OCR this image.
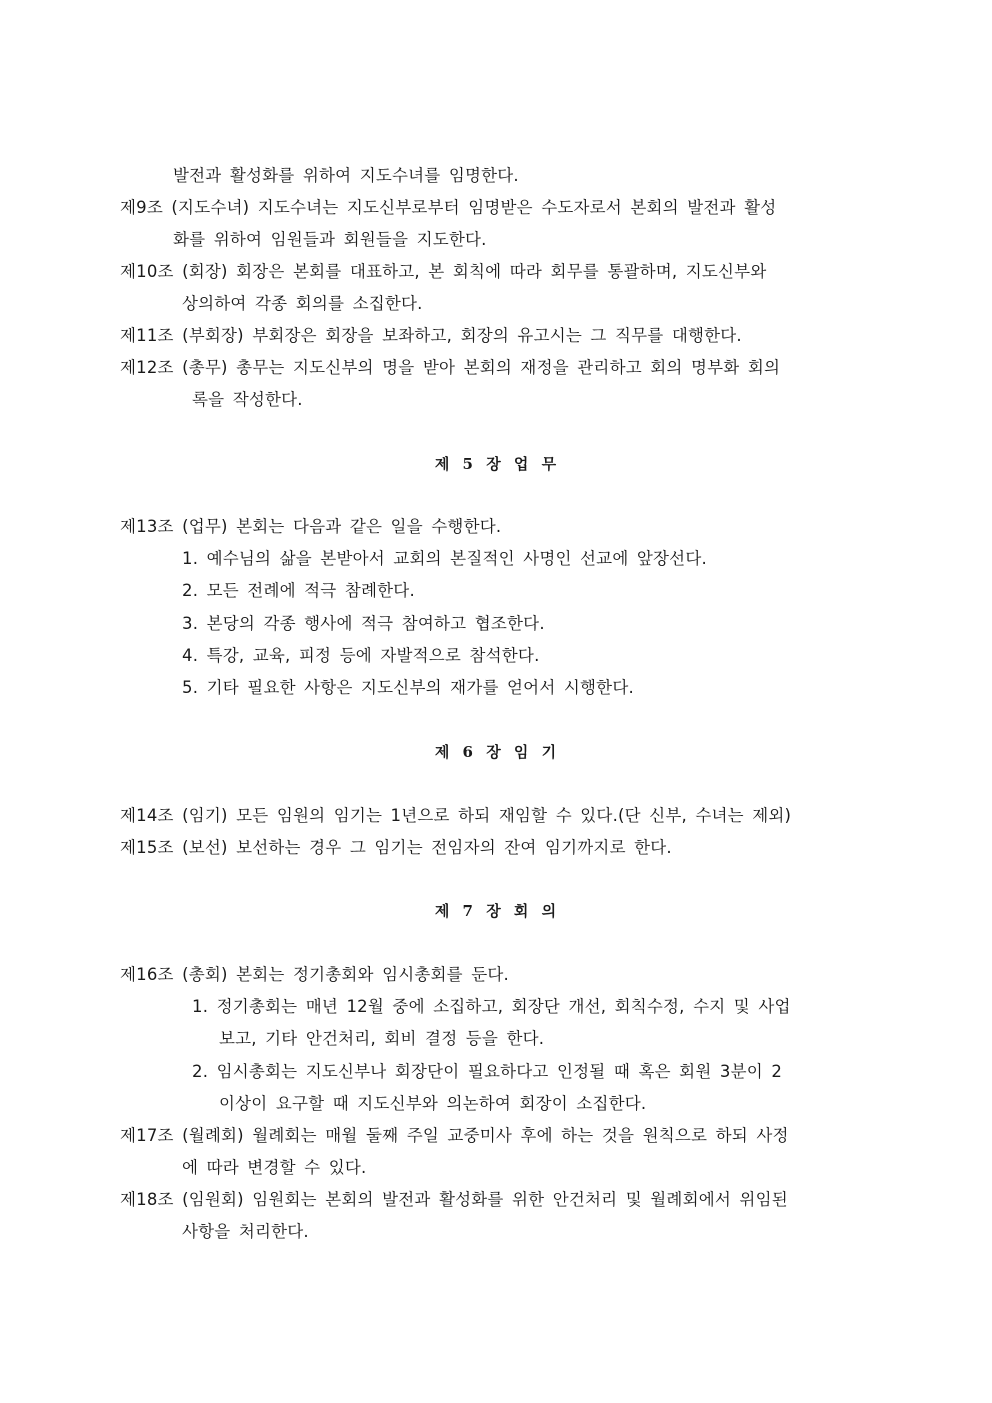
발전과 활성화를 위하여 지도수녀를 임명한다.
제9조 (지도수녀) 지도수녀는 지도신부로부터 임명받은 수도자로서 본회의 발전과 활성
화를 위하여 임원들과 회원들을 지도한다.
제10조 (회장) 회장은 본회를 대표하고, 본 회칙에 따라 회무를 통괄하며, 지도신부와
상의하여 각종 회의를 소집한다.
제11조 (부회장) 부회장은 회장을 보좌하고, 회장의 유고시는 그 직무를 대행한다.
제12조 (총무) 총무는 지도신부의 명을 받아 본회의 재정을 관리하고 회의 명부화 회의
록을 작성한다.
제 5 장 업 무
제13조 (업무) 본회는 다음과 같은 일을 수행한다.
1. 예수님의 삶을 본받아서 교회의 본질적인 사명인 선교에 앞장선다.
2. 모든 전례에 적극 참례한다.
3. 본당의 각종 행사에 적극 참여하고 협조한다.
4. 특강, 교육, 피정 등에 자발적으로 참석한다.
5. 기타 필요한 사항은 지도신부의 재가를 얻어서 시행한다.
제 6 장 임 기
제14조 (임기) 모든 임원의 임기는 1년으로 하되 재임할 수 있다.(단 신부, 수녀는 제외)
제15조 (보선) 보선하는 경우 그 임기는 전임자의 잔여 임기까지로 한다.
제 7 장 회 의
제16조 (총회) 본회는 정기총회와 임시총회를 둔다.
1. 정기총회는 매년 12월 중에 소집하고, 회장단 개선, 회칙수정, 수지 및 사업
보고, 기타 안건처리, 회비 결정 등을 한다.
2. 임시총회는 지도신부나 회장단이 필요하다고 인정될 때 혹은 회원 3분이 2
이상이 요구할 때 지도신부와 의논하여 회장이 소집한다.
제17조 (월례회) 월례회는 매월 둘째 주일 교중미사 후에 하는 것을 원칙으로 하되 사정
에 따라 변경할 수 있다.
제18조 (임원회) 임원회는 본회의 발전과 활성화를 위한 안건처리 및 월례회에서 위임된
사항을 처리한다.
